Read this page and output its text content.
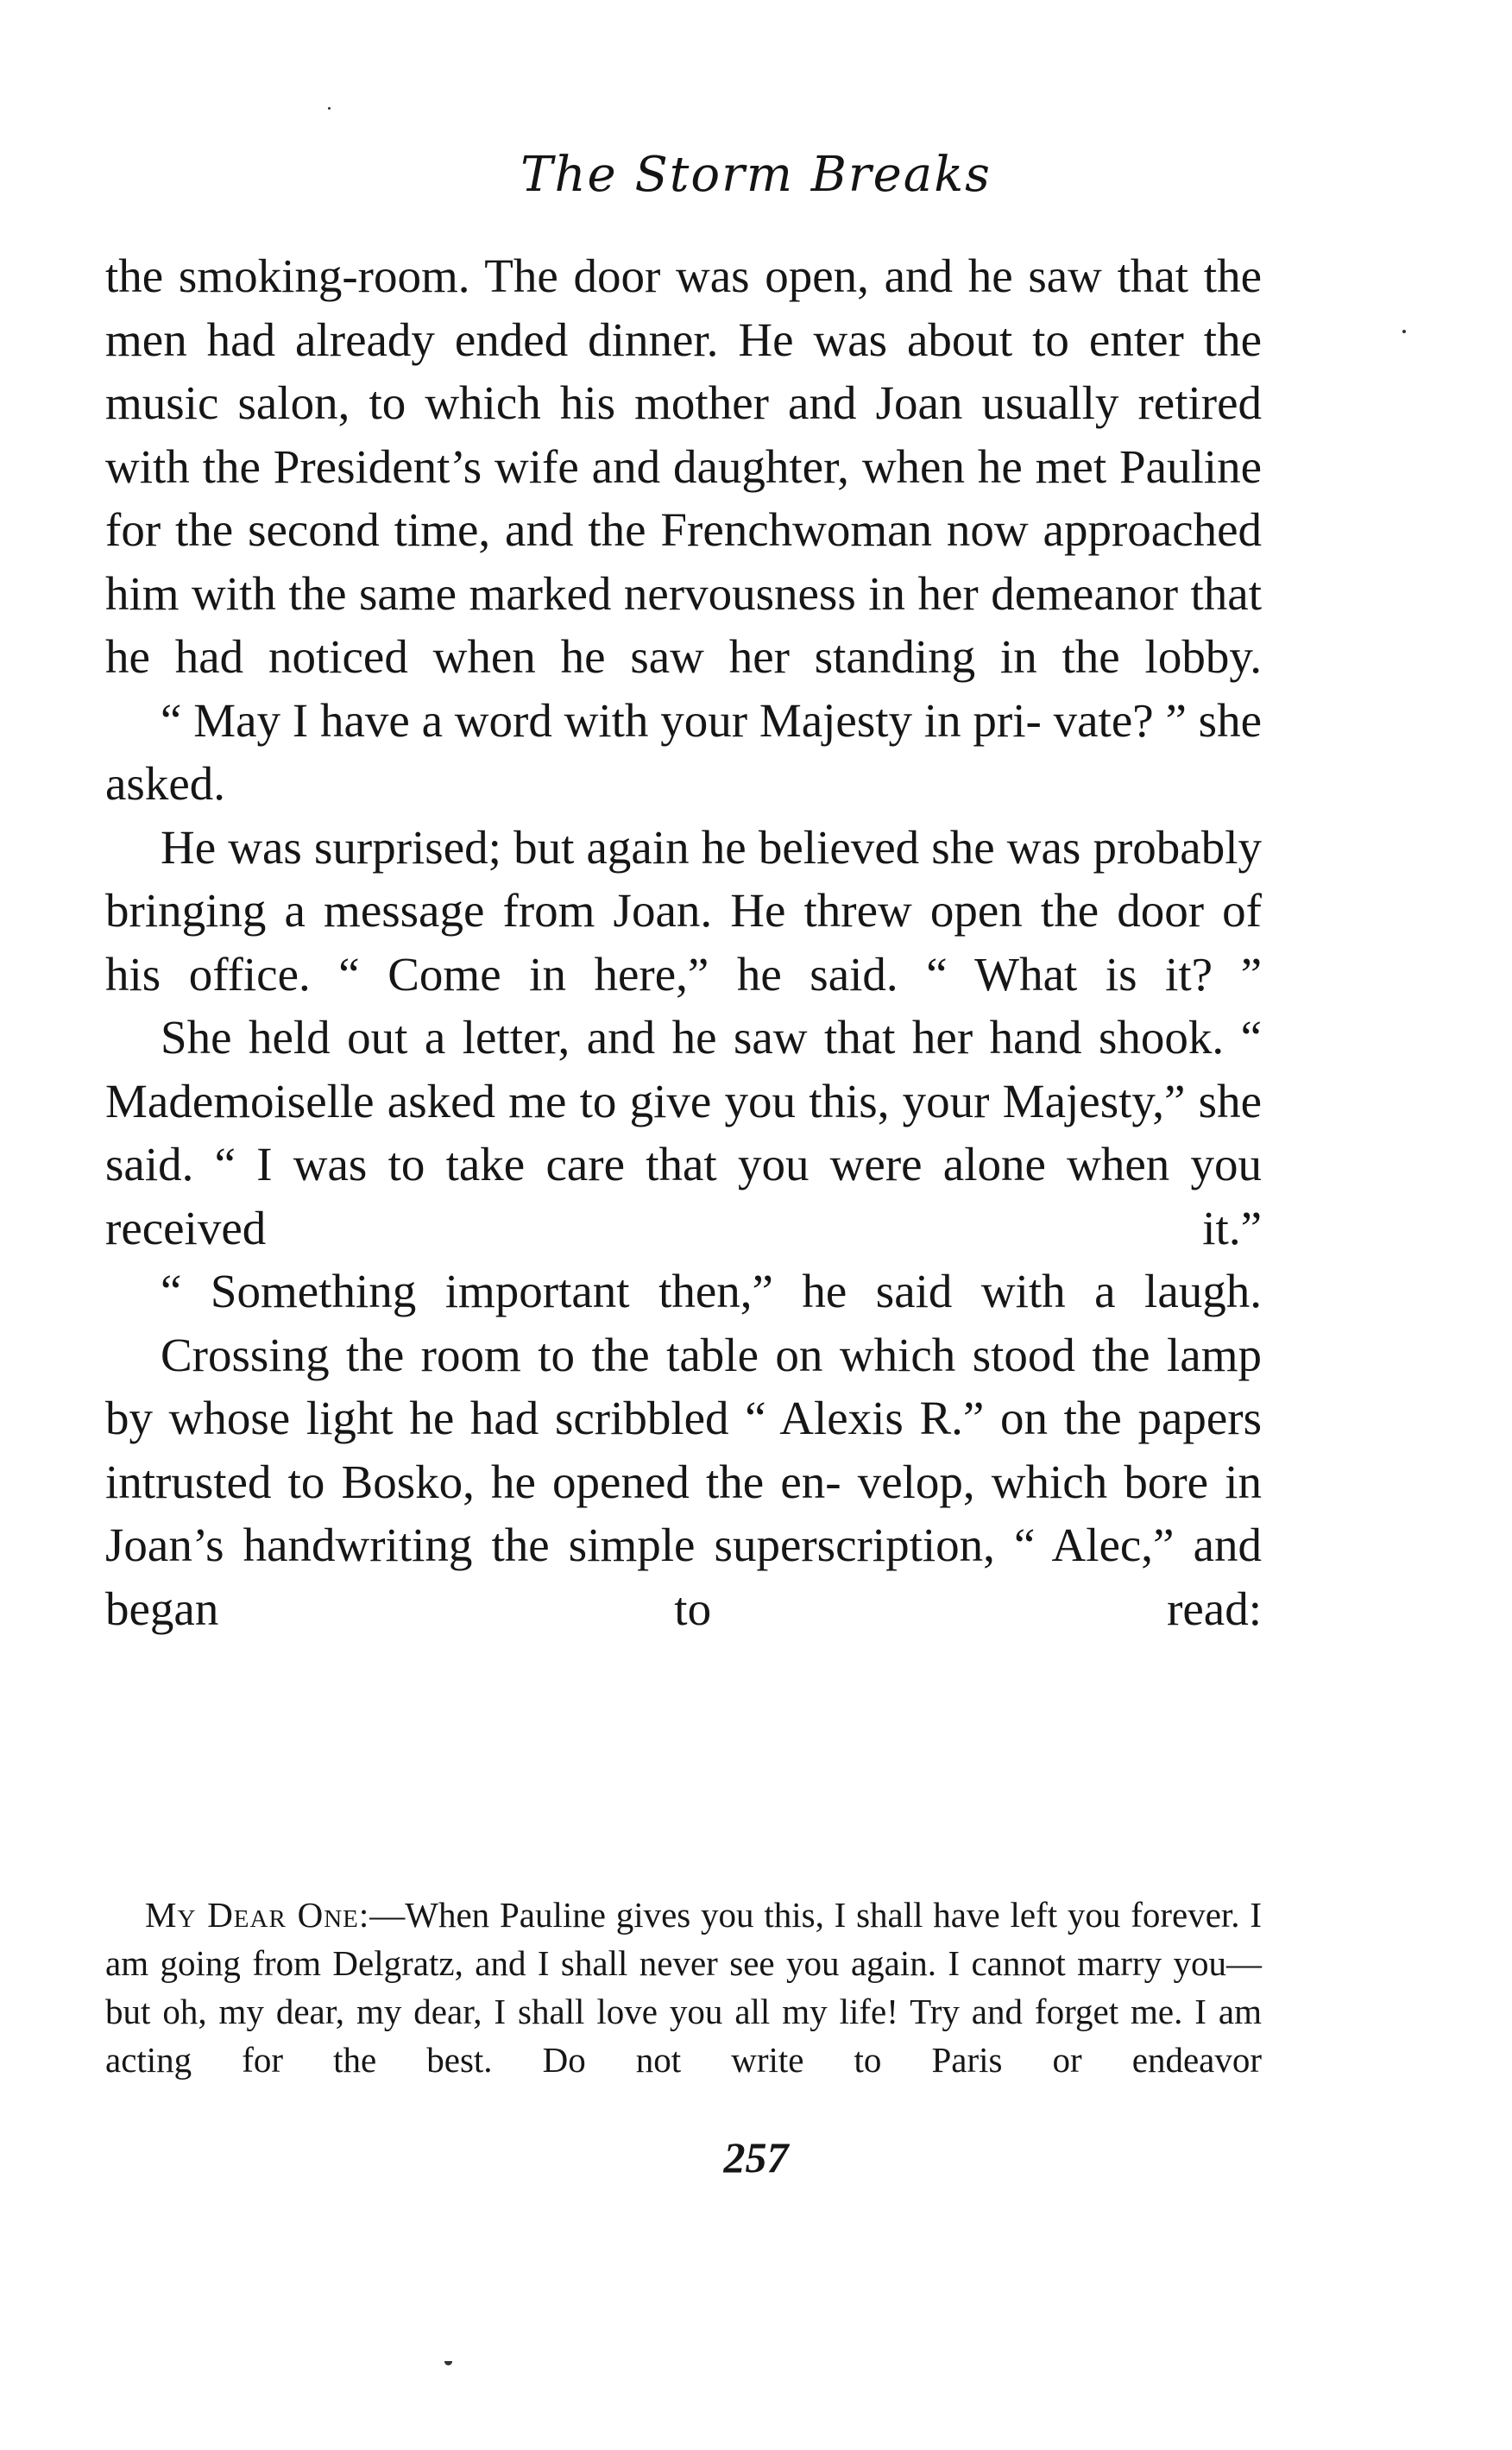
The Storm Breaks

the smoking-room. The door was open, and he saw that the men had already ended dinner. He was about to enter the music salon, to which his mother and Joan usually retired with the President’s wife and daughter, when he met Pauline for the second time, and the Frenchwoman now approached him with the same marked nervousness in her demeanor that he had noticed when he saw her standing in the lobby.

“ May I have a word with your Majesty in pri- vate? ” she asked.

He was surprised; but again he believed she was probably bringing a message from Joan. He threw open the door of his office. “ Come in here,” he said. “ What is it? ”

She held out a letter, and he saw that her hand shook. “ Mademoiselle asked me to give you this, your Majesty,” she said. “ I was to take care that you were alone when you received it.”

“ Something important then,” he said with a laugh.

Crossing the room to the table on which stood the lamp by whose light he had scribbled “ Alexis R.” on the papers intrusted to Bosko, he opened the en- velop, which bore in Joan’s handwriting the simple superscription, “ Alec,” and began to read:

My Dear One:—When Pauline gives you this, I shall have left you forever. I am going from Delgratz, and I shall never see you again. I cannot marry you—but oh, my dear, my dear, I shall love you all my life! Try and forget me. I am acting for the best. Do not write to Paris or endeavor

257
